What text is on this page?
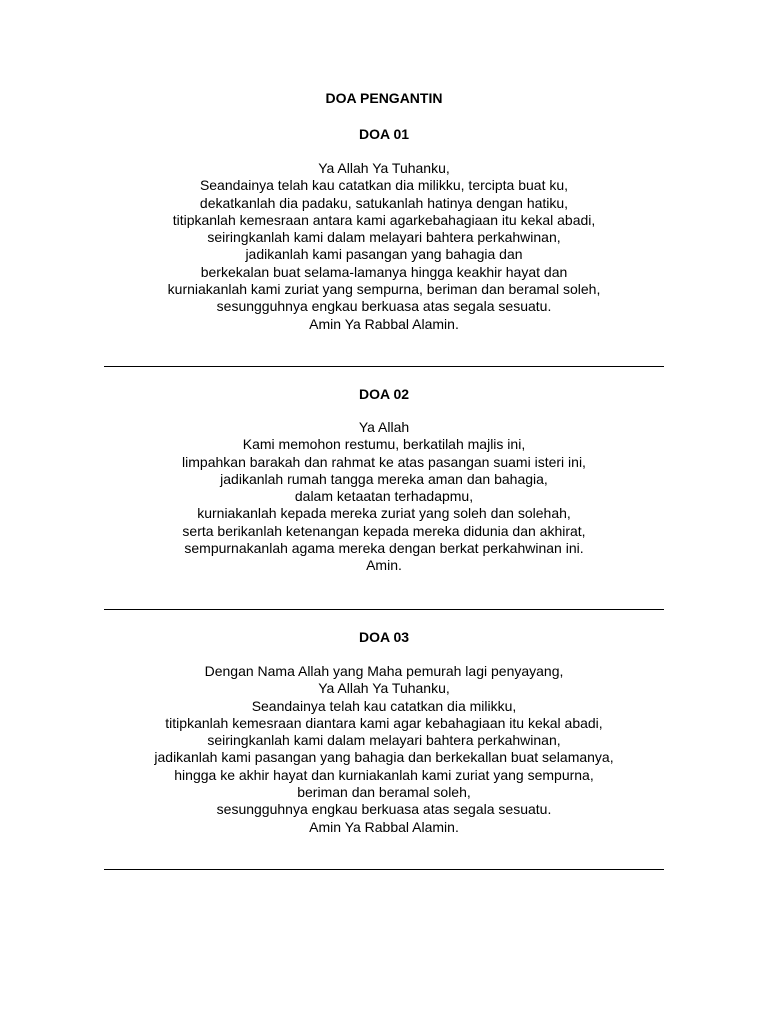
DOA PENGANTIN
DOA 01
Ya Allah Ya Tuhanku,
Seandainya telah kau catatkan dia milikku, tercipta buat ku,
dekatkanlah dia padaku, satukanlah hatinya dengan hatiku,
titipkanlah kemesraan antara kami agarkebahagiaan itu kekal abadi,
seiringkanlah kami dalam melayari bahtera perkahwinan,
jadikanlah kami pasangan yang bahagia dan
berkekalan buat selama-lamanya hingga keakhir hayat dan
kurniakanlah kami zuriat yang sempurna, beriman dan beramal soleh,
sesungguhnya engkau berkuasa atas segala sesuatu.
Amin Ya Rabbal Alamin.
DOA 02
Ya Allah
Kami memohon restumu, berkatilah majlis ini,
limpahkan barakah dan rahmat ke atas pasangan suami isteri ini,
jadikanlah rumah tangga mereka aman dan bahagia,
dalam ketaatan terhadapmu,
kurniakanlah kepada mereka zuriat yang soleh dan solehah,
serta berikanlah ketenangan kepada mereka didunia dan akhirat,
sempurnakanlah agama mereka dengan berkat perkahwinan ini.
Amin.
DOA 03
Dengan Nama Allah yang Maha pemurah lagi penyayang,
Ya Allah Ya Tuhanku,
Seandainya telah kau catatkan dia milikku,
titipkanlah kemesraan diantara kami agar kebahagiaan itu kekal abadi,
seiringkanlah kami dalam melayari bahtera perkahwinan,
jadikanlah kami pasangan yang bahagia dan berkekallan buat selamanya,
hingga ke akhir hayat dan kurniakanlah kami zuriat yang sempurna,
beriman dan beramal soleh,
sesungguhnya engkau berkuasa atas segala sesuatu.
Amin Ya Rabbal Alamin.
